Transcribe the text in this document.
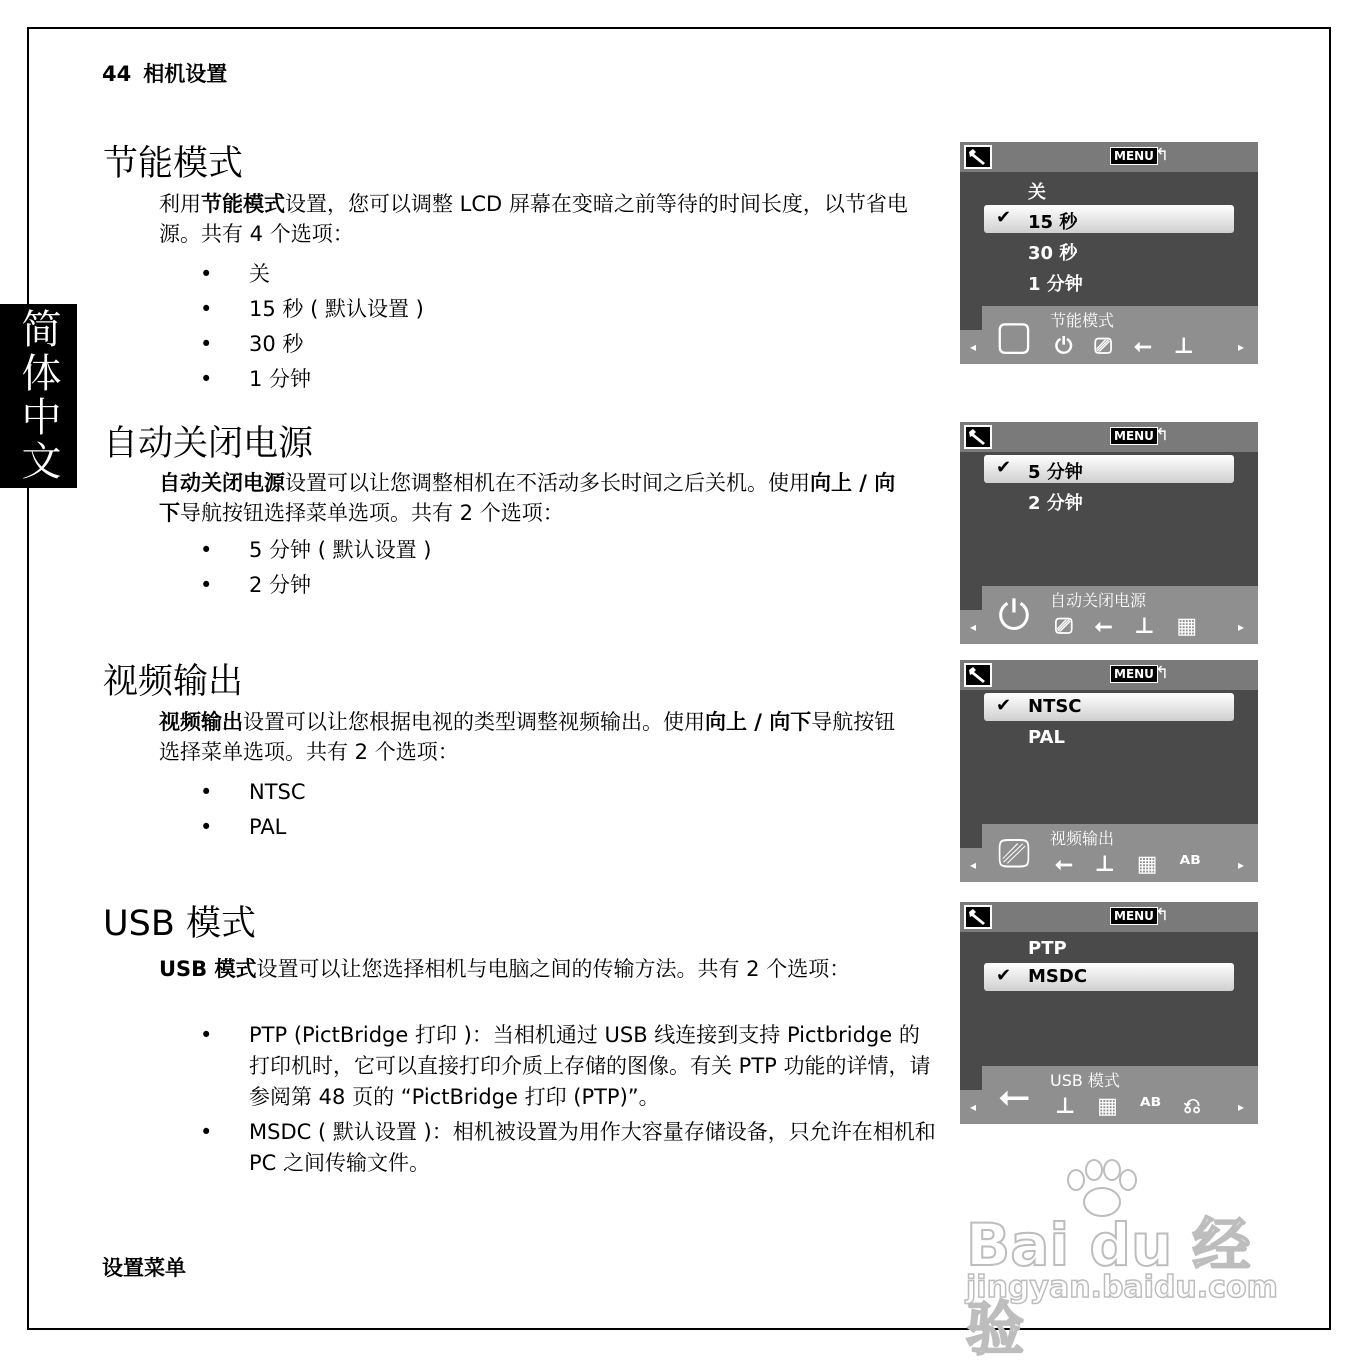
44 相机设置
简体中文
节能模式
利用节能模式设置，您可以调整 LCD 屏幕在变暗之前等待的时间长度，以节省电源。共有 4 个选项：
• 关
• 15 秒 ( 默认设置 )
• 30 秒
• 1 分钟
自动关闭电源
自动关闭电源设置可以让您调整相机在不活动多长时间之后关机。使用向上 / 向下导航按钮选择菜单选项。共有 2 个选项：
• 5 分钟 ( 默认设置 )
• 2 分钟
视频输出
视频输出设置可以让您根据电视的类型调整视频输出。使用向上 / 向下导航按钮选择菜单选项。共有 2 个选项：
• NTSC
• PAL
USB 模式
USB 模式设置可以让您选择相机与电脑之间的传输方法。共有 2 个选项：
• PTP (PictBridge 打印 )：当相机通过 USB 线连接到支持 Pictbridge 的打印机时，它可以直接打印介质上存储的图像。有关 PTP 功能的详情，请参阅第 48 页的 “PictBridge 打印 (PTP)”。
• MSDC ( 默认设置 )：相机被设置为用作大容量存储设备，只允许在相机和 PC 之间传输文件。
设置菜单
MENU ↰
关
✔ 15 秒
30 秒
1 分钟
节能模式
▢
◂	⏻ ⎚ ⭠ ⊥	▸
MENU ↰
✔ 5 分钟
2 分钟
自动关闭电源
⏻
◂	⎚ ⭠ ⊥ ▦	▸
MENU ↰
✔ NTSC
PAL
视频输出
⎚
◂	⭠ ⊥ ▦ ᴬᴮ	▸
MENU ↰
PTP
✔ MSDC
USB 模式
⭠
◂	⊥ ▦ ᴬᴮ ⎌	▸
Bai du 经验
jingyan.baidu.com
